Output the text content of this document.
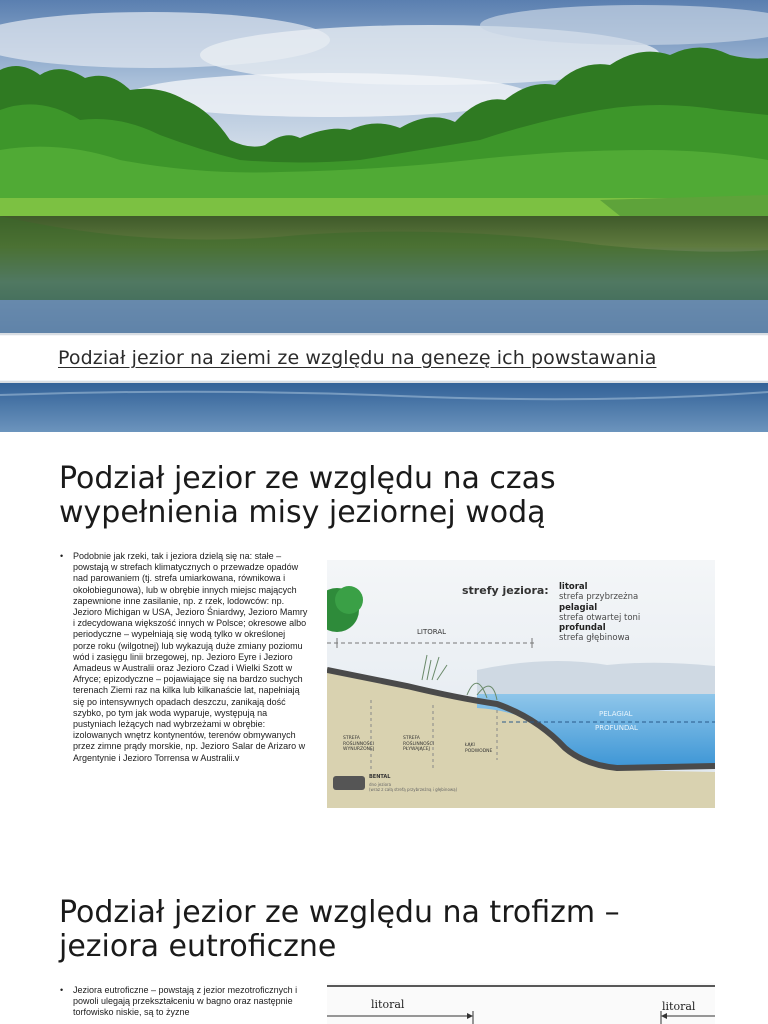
Podział jezior na ziemi ze względu na genezę ich powstawania
Podział jezior ze względu na czas
wypełnienia misy jeziornej wodą
• Podobnie jak rzeki, tak i jeziora dzielą się na: stałe – powstają w strefach klimatycznych o przewadze opadów nad parowaniem (tj. strefa umiarkowana, równikowa i okołobiegunowa), lub w obrębie innych miejsc mających zapewnione inne zasilanie, np. z rzek, lodowców: np. Jezioro Michigan w USA, Jezioro Śniardwy, Jezioro Mamry i zdecydowana większość innych w Polsce; okresowe albo periodyczne – wypełniają się wodą tylko w określonej porze roku (wilgotnej) lub wykazują duże zmiany poziomu wód i zasięgu linii brzegowej, np. Jezioro Eyre i Jezioro Amadeus w Australii oraz Jezioro Czad i Wielki Szott w Afryce; epizodyczne – pojawiające się na bardzo suchych terenach Ziemi raz na kilka lub kilkanaście lat, napełniają się po intensywnych opadach deszczu, zanikają dość szybko, po tym jak woda wyparuje, występują na pustyniach leżących nad wybrzeżami w obrębie: izolowanych wnętrz kontynentów, terenów obmywanych przez zimne prądy morskie, np. Jezioro Salar de Arizaro w Argentynie i Jezioro Torrensa w Australii.v
strefy jeziora: litoral
strefa przybrzeżna
pelagial
strefa otwartej toni
profundal
strefa głębinowa
LITORAL
PELAGIAL
PROFUNDAL
STREFA
ROŚLINNOŚCI
WYNURZONEJ
STREFA
ROŚLINNOŚCI
PŁYWAJĄCEJ
ŁĄKI
PODWODNE
BENTAL
dno jeziora
(wraz z całą strefą przybrzeżną i głębinową)
Podział jezior ze względu na trofizm –
jeziora eutroficzne
• Jeziora eutroficzne – powstają z jezior mezotroficznych i powoli ulegają przekształceniu w bagno oraz następnie torfowisko niskie, są to żyzne
litoral	litoral
